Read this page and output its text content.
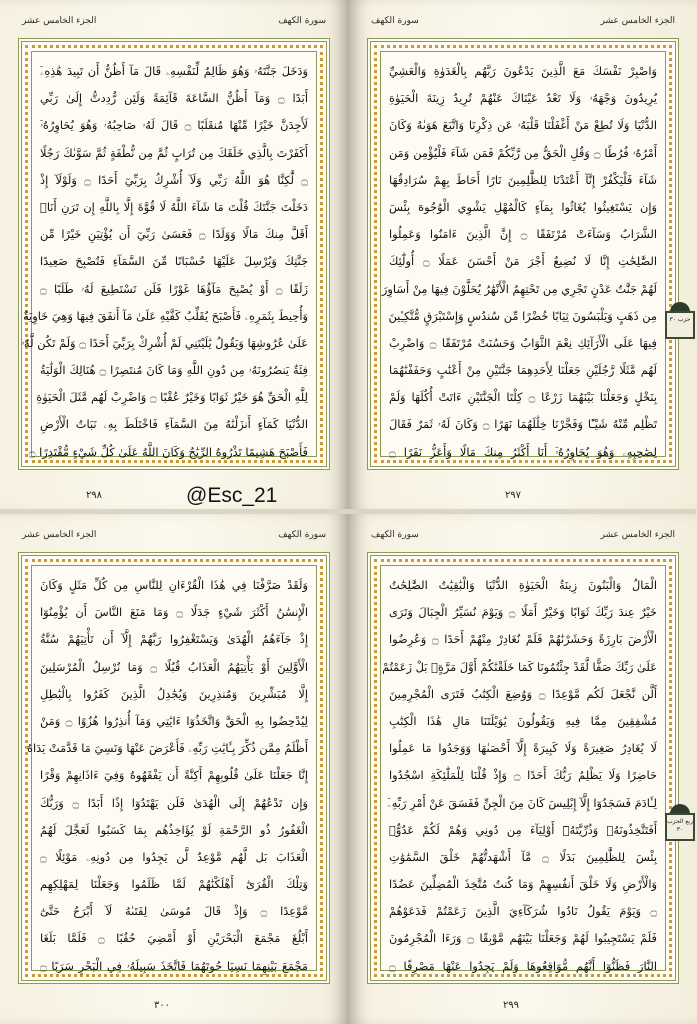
الجزء الخامس عشر	سورة الكهف
وَدَخَلَ جَنَّتَهُۥ وَهُوَ ظَالِمٌ لِّنَفْسِهِۦ قَالَ مَآ أَظُنُّ أَن تَبِيدَ هَٰذِهِۦٓ
أَبَدًا ۝ وَمَآ أَظُنُّ السَّاعَةَ قَآئِمَةً وَلَئِن رُّدِدتُّ إِلَىٰ رَبِّي
لَأَجِدَنَّ خَيْرًا مِّنْهَا مُنقَلَبًا ۝ قَالَ لَهُۥ صَاحِبُهُۥ وَهُوَ يُحَاوِرُهُۥٓ
أَكَفَرْتَ بِالَّذِي خَلَقَكَ مِن تُرَابٍ ثُمَّ مِن نُّطْفَةٍ ثُمَّ سَوَّىٰكَ رَجُلًا
۝ لَّٰكِنَّا هُوَ اللَّهُ رَبِّي وَلَآ أُشْرِكُ بِرَبِّيٓ أَحَدًا ۝ وَلَوْلَآ إِذْ
دَخَلْتَ جَنَّتَكَ قُلْتَ مَا شَآءَ اللَّهُ لَا قُوَّةَ إِلَّا بِاللَّهِ إِن تَرَنِ أَنَا۠
أَقَلَّ مِنكَ مَالًا وَوَلَدًا ۝ فَعَسَىٰ رَبِّيٓ أَن يُؤْتِيَنِ خَيْرًا مِّن
جَنَّتِكَ وَيُرْسِلَ عَلَيْهَا حُسْبَانًا مِّنَ السَّمَآءِ فَتُصْبِحَ صَعِيدًا
زَلَقًا ۝ أَوْ يُصْبِحَ مَآؤُهَا غَوْرًا فَلَن تَسْتَطِيعَ لَهُۥ طَلَبًا ۝
وَأُحِيطَ بِثَمَرِهِۦ فَأَصْبَحَ يُقَلِّبُ كَفَّيْهِ عَلَىٰ مَآ أَنفَقَ فِيهَا وَهِيَ خَاوِيَةٌ
عَلَىٰ عُرُوشِهَا وَيَقُولُ يَٰلَيْتَنِي لَمْ أُشْرِكْ بِرَبِّيٓ أَحَدًا ۝ وَلَمْ تَكُن لَّهُۥ
فِئَةٌ يَنصُرُونَهُۥ مِن دُونِ اللَّهِ وَمَا كَانَ مُنتَصِرًا ۝ هُنَالِكَ الْوَلَٰيَةُ
لِلَّهِ الْحَقِّ هُوَ خَيْرٌ ثَوَابًا وَخَيْرٌ عُقْبًا ۝ وَاضْرِبْ لَهُم مَّثَلَ الْحَيَوٰةِ
الدُّنْيَا كَمَآءٍ أَنزَلْنَٰهُ مِنَ السَّمَآءِ فَاخْتَلَطَ بِهِۦ نَبَاتُ الْأَرْضِ
فَأَصْبَحَ هَشِيمًا تَذْرُوهُ الرِّيَٰحُ وَكَانَ اللَّهُ عَلَىٰ كُلِّ شَيْءٍ مُّقْتَدِرًا ۝
٢٩٨
الجزء الخامس عشر
سورة الكهف
وَاصْبِرْ نَفْسَكَ مَعَ الَّذِينَ يَدْعُونَ رَبَّهُم بِالْغَدَوٰةِ وَالْعَشِيِّ
يُرِيدُونَ وَجْهَهُۥ وَلَا تَعْدُ عَيْنَاكَ عَنْهُمْ تُرِيدُ زِينَةَ الْحَيَوٰةِ
الدُّنْيَا وَلَا تُطِعْ مَنْ أَغْفَلْنَا قَلْبَهُۥ عَن ذِكْرِنَا وَاتَّبَعَ هَوَىٰهُ وَكَانَ
أَمْرُهُۥ فُرُطًا ۝ وَقُلِ الْحَقُّ مِن رَّبِّكُمْ فَمَن شَآءَ فَلْيُؤْمِن وَمَن
شَآءَ فَلْيَكْفُرْ إِنَّآ أَعْتَدْنَا لِلظَّٰلِمِينَ نَارًا أَحَاطَ بِهِمْ سُرَادِقُهَا
وَإِن يَسْتَغِيثُوا يُغَاثُوا بِمَآءٍ كَالْمُهْلِ يَشْوِي الْوُجُوهَ بِئْسَ
الشَّرَابُ وَسَآءَتْ مُرْتَفَقًا ۝ إِنَّ الَّذِينَ ءَامَنُوا وَعَمِلُوا
الصَّٰلِحَٰتِ إِنَّا لَا نُضِيعُ أَجْرَ مَنْ أَحْسَنَ عَمَلًا ۝ أُولَٰٓئِكَ
لَهُمْ جَنَّٰتُ عَدْنٍ تَجْرِي مِن تَحْتِهِمُ الْأَنْهَٰرُ يُحَلَّوْنَ فِيهَا مِنْ أَسَاوِرَ
مِن ذَهَبٍ وَيَلْبَسُونَ ثِيَابًا خُضْرًا مِّن سُندُسٍ وَإِسْتَبْرَقٍ مُّتَّكِـِٔينَ
فِيهَا عَلَى الْأَرَآئِكِ نِعْمَ الثَّوَابُ وَحَسُنَتْ مُرْتَفَقًا ۝ وَاضْرِبْ
لَهُم مَّثَلًا رَّجُلَيْنِ جَعَلْنَا لِأَحَدِهِمَا جَنَّتَيْنِ مِنْ أَعْنَٰبٍ وَحَفَفْنَٰهُمَا
بِنَخْلٍ وَجَعَلْنَا بَيْنَهُمَا زَرْعًا ۝ كِلْتَا الْجَنَّتَيْنِ ءَاتَتْ أُكُلَهَا وَلَمْ
تَظْلِم مِّنْهُ شَيْـًٔا وَفَجَّرْنَا خِلَٰلَهُمَا نَهَرًا ۝ وَكَانَ لَهُۥ ثَمَرٌ فَقَالَ
لِصَٰحِبِهِۦ وَهُوَ يُحَاوِرُهُۥٓ أَنَا أَكْثَرُ مِنكَ مَالًا وَأَعَزُّ نَفَرًا ۝
٢٩٧
حزب ٣٠
الجزء الخامس عشر	سورة الكهف
وَلَقَدْ صَرَّفْنَا فِي هَٰذَا الْقُرْءَانِ لِلنَّاسِ مِن كُلِّ مَثَلٍ وَكَانَ
الْإِنسَٰنُ أَكْثَرَ شَيْءٍ جَدَلًا ۝ وَمَا مَنَعَ النَّاسَ أَن يُؤْمِنُوٓا
إِذْ جَآءَهُمُ الْهُدَىٰ وَيَسْتَغْفِرُوا رَبَّهُمْ إِلَّآ أَن تَأْتِيَهُمْ سُنَّةُ
الْأَوَّلِينَ أَوْ يَأْتِيَهُمُ الْعَذَابُ قُبُلًا ۝ وَمَا نُرْسِلُ الْمُرْسَلِينَ
إِلَّا مُبَشِّرِينَ وَمُنذِرِينَ وَيُجَٰدِلُ الَّذِينَ كَفَرُوا بِالْبَٰطِلِ
لِيُدْحِضُوا بِهِ الْحَقَّ وَاتَّخَذُوٓا ءَايَٰتِي وَمَآ أُنذِرُوا هُزُوًا ۝ وَمَنْ
أَظْلَمُ مِمَّن ذُكِّرَ بِـَٔايَٰتِ رَبِّهِۦ فَأَعْرَضَ عَنْهَا وَنَسِيَ مَا قَدَّمَتْ يَدَاهُ
إِنَّا جَعَلْنَا عَلَىٰ قُلُوبِهِمْ أَكِنَّةً أَن يَفْقَهُوهُ وَفِيٓ ءَاذَانِهِمْ وَقْرًا
وَإِن تَدْعُهُمْ إِلَى الْهُدَىٰ فَلَن يَهْتَدُوٓا إِذًا أَبَدًا ۝ وَرَبُّكَ
الْغَفُورُ ذُو الرَّحْمَةِ لَوْ يُؤَاخِذُهُم بِمَا كَسَبُوا لَعَجَّلَ لَهُمُ
الْعَذَابَ بَل لَّهُم مَّوْعِدٌ لَّن يَجِدُوا مِن دُونِهِۦ مَوْئِلًا ۝
وَتِلْكَ الْقُرَىٰٓ أَهْلَكْنَٰهُمْ لَمَّا ظَلَمُوا وَجَعَلْنَا لِمَهْلِكِهِم
مَّوْعِدًا ۝ وَإِذْ قَالَ مُوسَىٰ لِفَتَىٰهُ لَآ أَبْرَحُ حَتَّىٰٓ
أَبْلُغَ مَجْمَعَ الْبَحْرَيْنِ أَوْ أَمْضِيَ حُقُبًا ۝ فَلَمَّا بَلَغَا
مَجْمَعَ بَيْنِهِمَا نَسِيَا حُوتَهُمَا فَاتَّخَذَ سَبِيلَهُۥ فِي الْبَحْرِ سَرَبًا ۝
٣٠٠
الجزء الخامس عشر
سورة الكهف
الْمَالُ وَالْبَنُونَ زِينَةُ الْحَيَوٰةِ الدُّنْيَا وَالْبَٰقِيَٰتُ الصَّٰلِحَٰتُ
خَيْرٌ عِندَ رَبِّكَ ثَوَابًا وَخَيْرٌ أَمَلًا ۝ وَيَوْمَ نُسَيِّرُ الْجِبَالَ وَتَرَى
الْأَرْضَ بَارِزَةً وَحَشَرْنَٰهُمْ فَلَمْ نُغَادِرْ مِنْهُمْ أَحَدًا ۝ وَعُرِضُوا
عَلَىٰ رَبِّكَ صَفًّا لَّقَدْ جِئْتُمُونَا كَمَا خَلَقْنَٰكُمْ أَوَّلَ مَرَّةٍۭ بَلْ زَعَمْتُمْ
أَلَّن نَّجْعَلَ لَكُم مَّوْعِدًا ۝ وَوُضِعَ الْكِتَٰبُ فَتَرَى الْمُجْرِمِينَ
مُشْفِقِينَ مِمَّا فِيهِ وَيَقُولُونَ يَٰوَيْلَتَنَا مَالِ هَٰذَا الْكِتَٰبِ
لَا يُغَادِرُ صَغِيرَةً وَلَا كَبِيرَةً إِلَّآ أَحْصَىٰهَا وَوَجَدُوا مَا عَمِلُوا
حَاضِرًا وَلَا يَظْلِمُ رَبُّكَ أَحَدًا ۝ وَإِذْ قُلْنَا لِلْمَلَٰٓئِكَةِ اسْجُدُوا
لِـَٔادَمَ فَسَجَدُوٓا إِلَّآ إِبْلِيسَ كَانَ مِنَ الْجِنِّ فَفَسَقَ عَنْ أَمْرِ رَبِّهِۦٓ
أَفَتَتَّخِذُونَهُۥ وَذُرِّيَّتَهُۥٓ أَوْلِيَآءَ مِن دُونِي وَهُمْ لَكُمْ عَدُوٌّۢ
بِئْسَ لِلظَّٰلِمِينَ بَدَلًا ۝ مَّآ أَشْهَدتُّهُمْ خَلْقَ السَّمَٰوَٰتِ
وَالْأَرْضِ وَلَا خَلْقَ أَنفُسِهِمْ وَمَا كُنتُ مُتَّخِذَ الْمُضِلِّينَ عَضُدًا
۝ وَيَوْمَ يَقُولُ نَادُوا شُرَكَآءِيَ الَّذِينَ زَعَمْتُمْ فَدَعَوْهُمْ
فَلَمْ يَسْتَجِيبُوا لَهُمْ وَجَعَلْنَا بَيْنَهُم مَّوْبِقًا ۝ وَرَءَا الْمُجْرِمُونَ
النَّارَ فَظَنُّوٓا أَنَّهُم مُّوَاقِعُوهَا وَلَمْ يَجِدُوا عَنْهَا مَصْرِفًا ۝
٢٩٩
ربع الحزب ٣٠
@Esc_21
